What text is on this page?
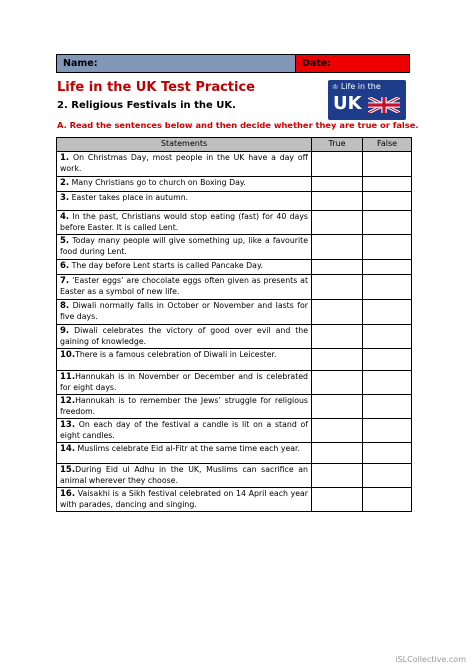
Name:	Date:
Life in the UK Test Practice
2. Religious Festivals in the UK.
A. Read the sentences below and then decide whether they are true or false.
♔ Life in the
UK
Statements	True	False
1. On Christmas Day, most people in the UK have a day off work.		
2. Many Christians go to church on Boxing Day.		
3. Easter takes place in autumn.		
4. In the past, Christians would stop eating (fast) for 40 days before Easter. It is called Lent.		
5. Today many people will give something up, like a favourite food during Lent.		
6. The day before Lent starts is called Pancake Day.		
7. ‘Easter eggs’ are chocolate eggs often given as presents at Easter as a symbol of new life.		
8. Diwali normally falls in October or November and lasts for five days.		
9. Diwali celebrates the victory of good over evil and the gaining of knowledge.		
10.There is a famous celebration of Diwali in Leicester.		
11.Hannukah is in November or December and is celebrated for eight days.		
12.Hannukah is to remember the Jews’ struggle for religious freedom.		
13. On each day of the festival a candle is lit on a stand of eight candles.		
14. Muslims celebrate Eid al-Fitr at the same time each year.		
15.During Eid ul Adhu in the UK, Muslims can sacrifice an animal wherever they choose.		
16. Vaisakhi is a Sikh festival celebrated on 14 April each year with parades, dancing and singing.		
iSLCollective.com
